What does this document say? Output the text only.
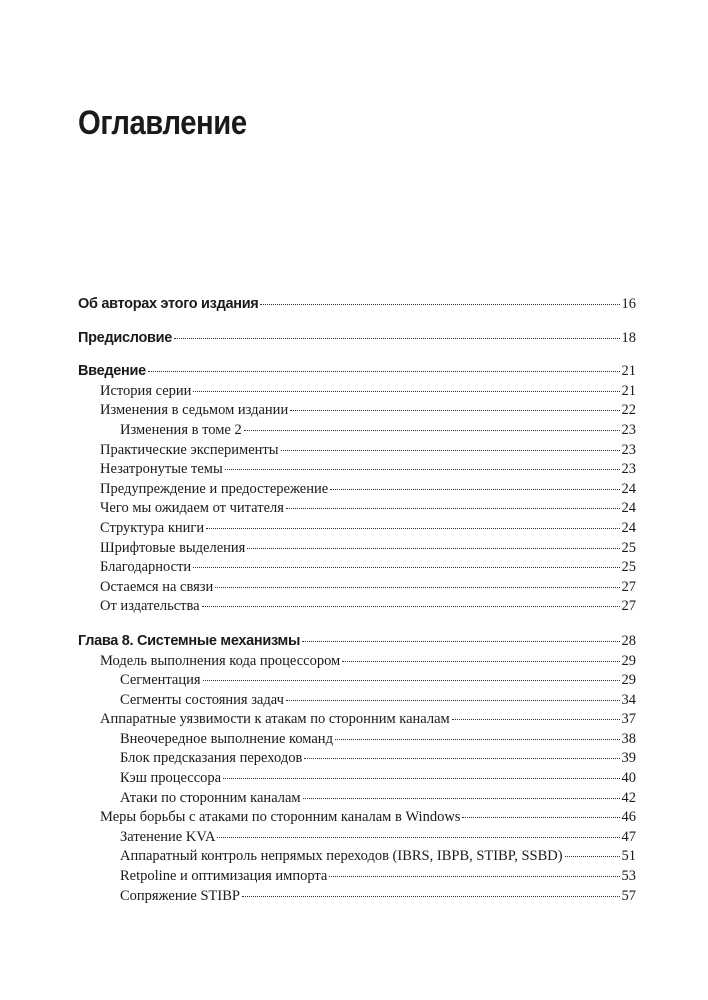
Оглавление
Об авторах этого издания	16
Предисловие	18
Введение	21
История серии	21
Изменения в седьмом издании	22
Изменения в томе 2	23
Практические эксперименты	23
Незатронутые темы	23
Предупреждение и предостережение	24
Чего мы ожидаем от читателя	24
Структура книги	24
Шрифтовые выделения	25
Благодарности	25
Остаемся на связи	27
От издательства	27
Глава 8. Системные механизмы	28
Модель выполнения кода процессором	29
Сегментация	29
Сегменты состояния задач	34
Аппаратные уязвимости к атакам по сторонним каналам	37
Внеочередное выполнение команд	38
Блок предсказания переходов	39
Кэш процессора	40
Атаки по сторонним каналам	42
Меры борьбы с атаками по сторонним каналам в Windows	46
Затенение KVA	47
Аппаратный контроль непрямых переходов (IBRS, IBPB, STIBP, SSBD)	51
Retpoline и оптимизация импорта	53
Сопряжение STIBP	57
